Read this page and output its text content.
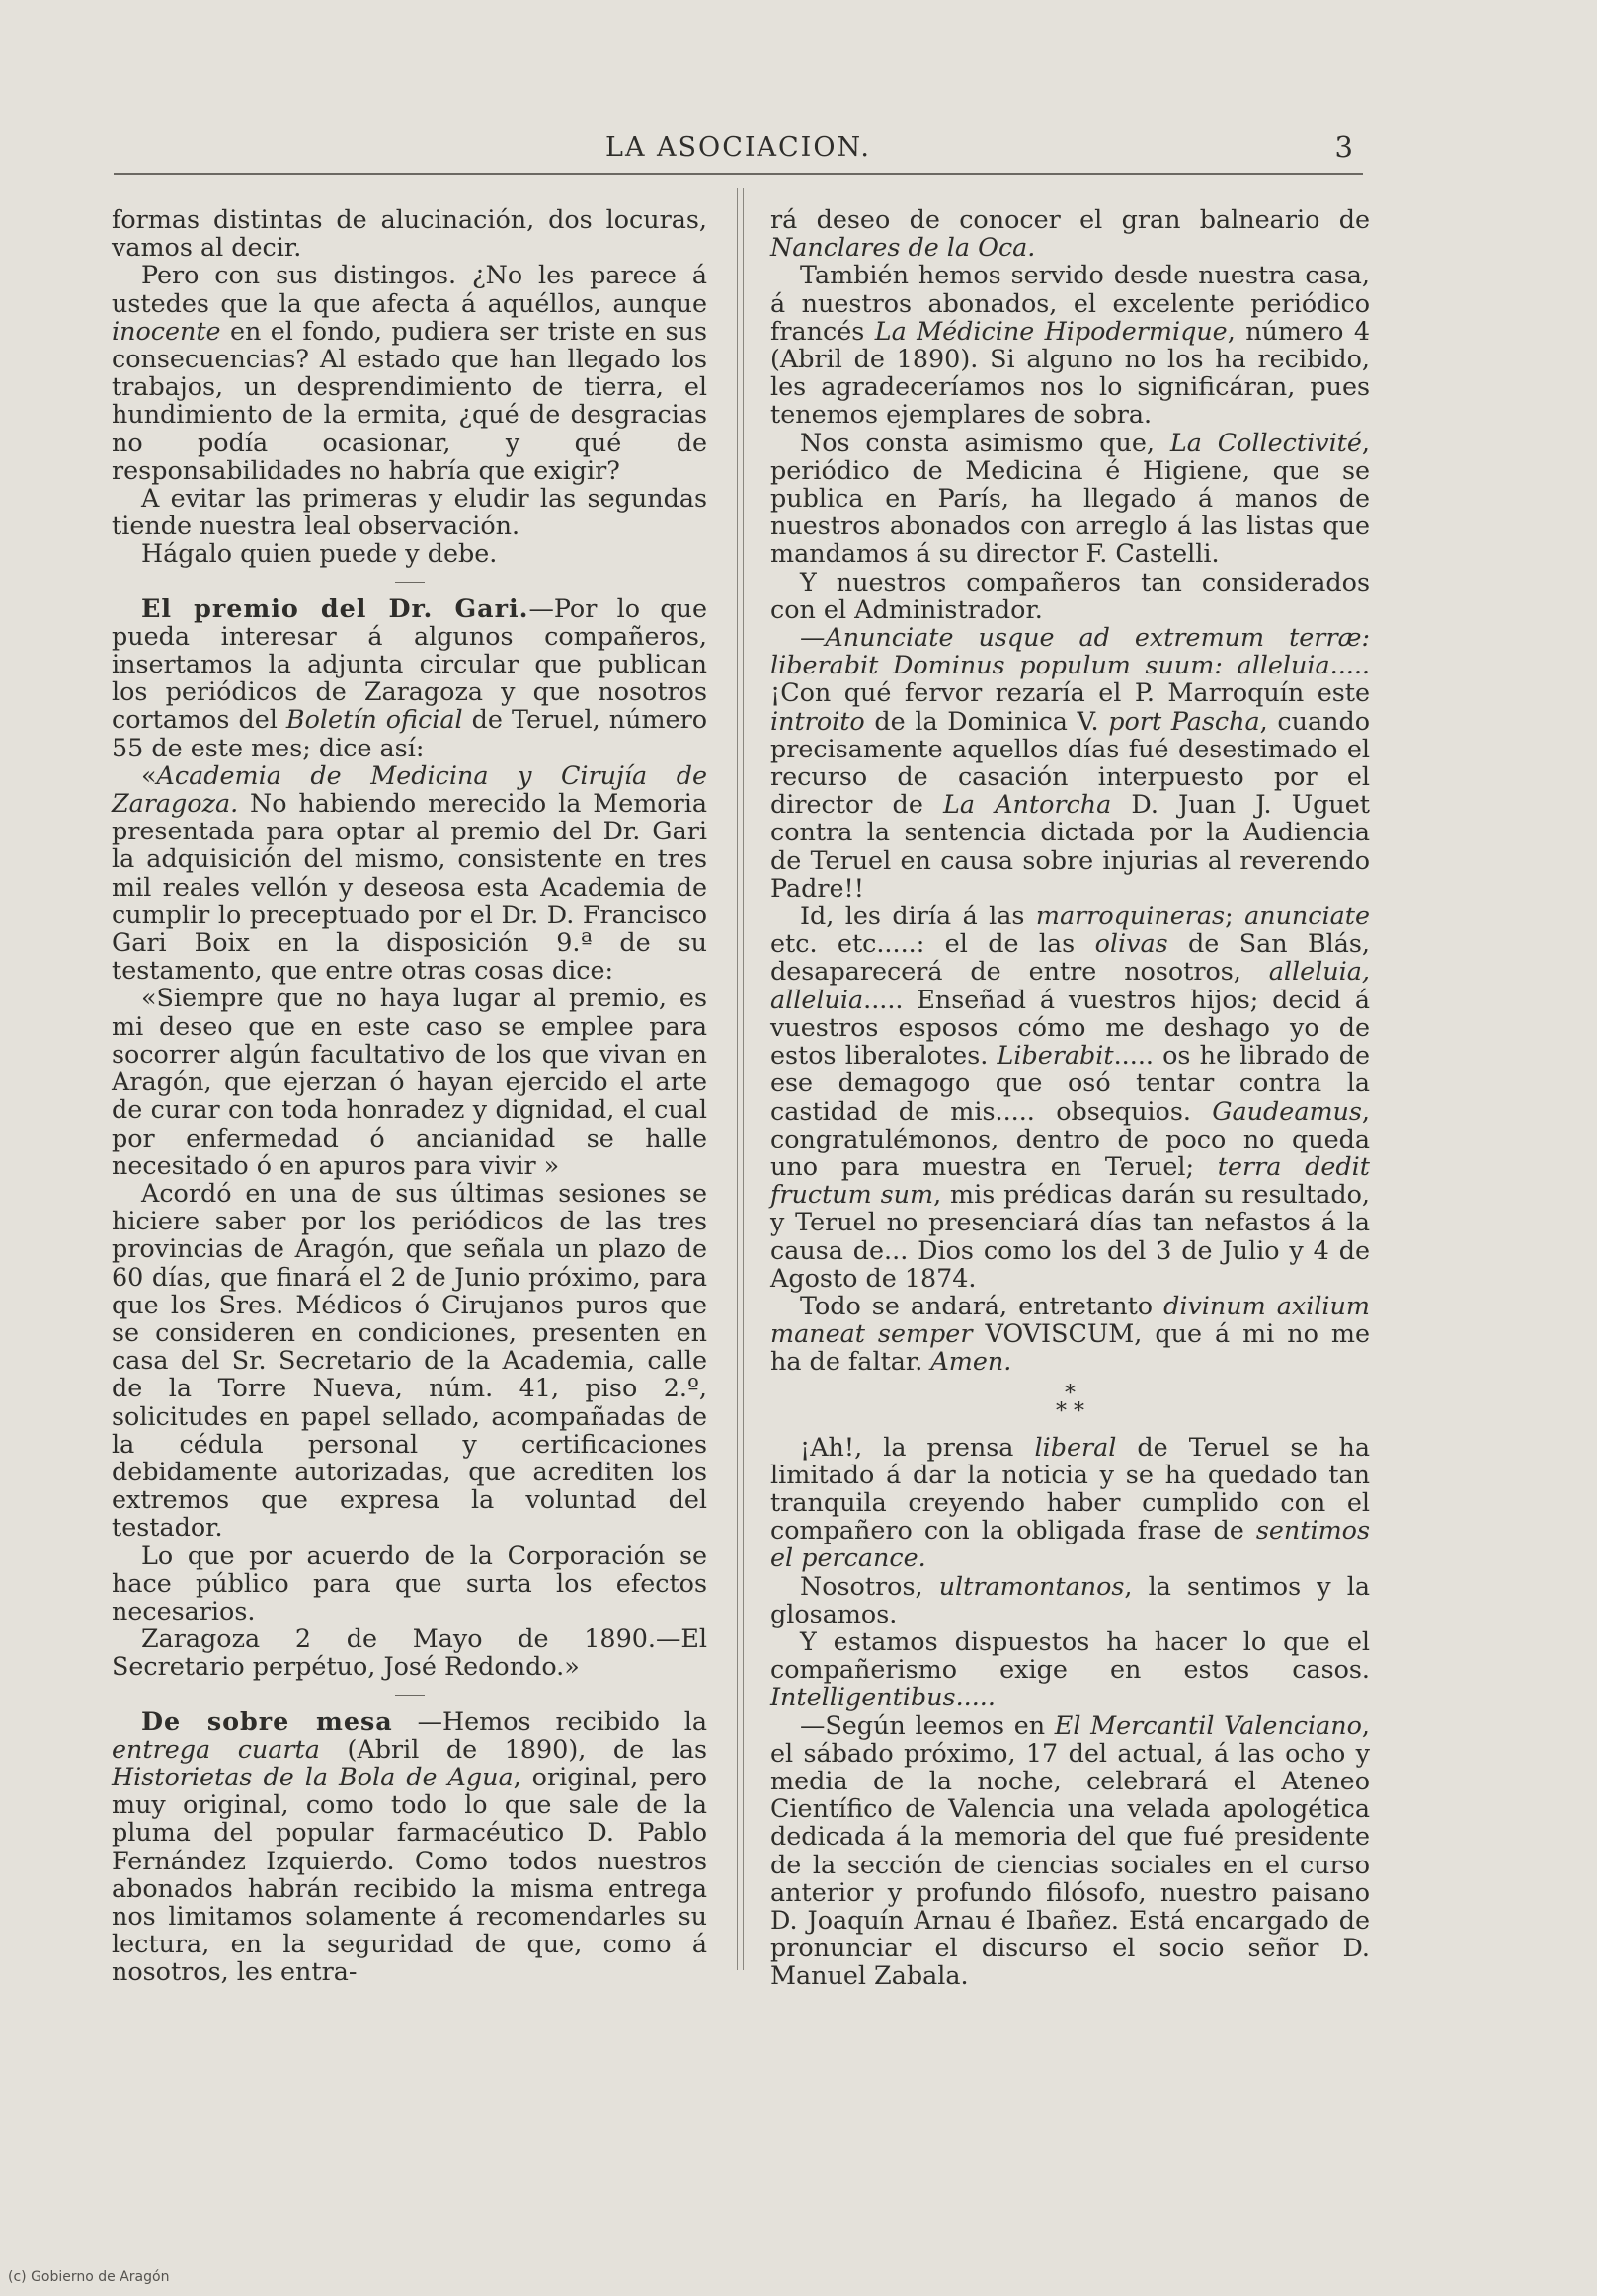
LA ASOCIACION.	3

formas distintas de alucinación, dos locuras, vamos al decir.

Pero con sus distingos. ¿No les parece á ustedes que la que afecta á aquéllos, aunque inocente en el fondo, pudiera ser triste en sus consecuencias? Al estado que han llegado los trabajos, un desprendimiento de tierra, el hundimiento de la ermita, ¿qué de desgracias no podía ocasionar, y qué de responsabilidades no habría que exigir?

A evitar las primeras y eludir las segundas tiende nuestra leal observación.

Hágalo quien puede y debe.

El premio del Dr. Gari.—Por lo que pueda interesar á algunos compañeros, insertamos la adjunta circular que publican los periódicos de Zaragoza y que nosotros cortamos del Boletín oficial de Teruel, número 55 de este mes; dice así:

«Academia de Medicina y Cirujía de Zaragoza. No habiendo merecido la Memoria presentada para optar al premio del Dr. Gari la adquisición del mismo, consistente en tres mil reales vellón y deseosa esta Academia de cumplir lo preceptuado por el Dr. D. Francisco Gari Boix en la disposición 9.ª de su testamento, que entre otras cosas dice:

«Siempre que no haya lugar al premio, es mi deseo que en este caso se emplee para socorrer algún facultativo de los que vivan en Aragón, que ejerzan ó hayan ejercido el arte de curar con toda honradez y dignidad, el cual por enfermedad ó ancianidad se halle necesitado ó en apuros para vivir »

Acordó en una de sus últimas sesiones se hiciere saber por los periódicos de las tres provincias de Aragón, que señala un plazo de 60 días, que finará el 2 de Junio próximo, para que los Sres. Médicos ó Cirujanos puros que se consideren en condiciones, presenten en casa del Sr. Secretario de la Academia, calle de la Torre Nueva, núm. 41, piso 2.º, solicitudes en papel sellado, acompañadas de la cédula personal y certificaciones debidamente autorizadas, que acrediten los extremos que expresa la voluntad del testador.

Lo que por acuerdo de la Corporación se hace público para que surta los efectos necesarios.

Zaragoza 2 de Mayo de 1890.—El Secretario perpétuo, José Redondo.»

De sobre mesa —Hemos recibido la entrega cuarta (Abril de 1890), de las Historietas de la Bola de Agua, original, pero muy original, como todo lo que sale de la pluma del popular farmacéutico D. Pablo Fernández Izquierdo. Como todos nuestros abonados habrán recibido la misma entrega nos limitamos solamente á recomendarles su lectura, en la seguridad de que, como á nosotros, les entra-

rá deseo de conocer el gran balneario de Nanclares de la Oca.

También hemos servido desde nuestra casa, á nuestros abonados, el excelente periódico francés La Médicine Hipodermique, número 4 (Abril de 1890). Si alguno no los ha recibido, les agradeceríamos nos lo significáran, pues tenemos ejemplares de sobra.

Nos consta asimismo que, La Collectivité, periódico de Medicina é Higiene, que se publica en París, ha llegado á manos de nuestros abonados con arreglo á las listas que mandamos á su director F. Castelli.

Y nuestros compañeros tan considerados con el Administrador.

—Anunciate usque ad extremum terræ: liberabit Dominus populum suum: alleluia..... ¡Con qué fervor rezaría el P. Marroquín este introito de la Dominica V. port Pascha, cuando precisamente aquellos días fué desestimado el recurso de casación interpuesto por el director de La Antorcha D. Juan J. Uguet contra la sentencia dictada por la Audiencia de Teruel en causa sobre injurias al reverendo Padre!!

Id, les diría á las marroquineras; anunciate etc. etc.....: el de las olivas de San Blás, desaparecerá de entre nosotros, alleluia, alleluia..... Enseñad á vuestros hijos; decid á vuestros esposos cómo me deshago yo de estos liberalotes. Liberabit..... os he librado de ese demagogo que osó tentar contra la castidad de mis..... obsequios. Gaudeamus, congratulémonos, dentro de poco no queda uno para muestra en Teruel; terra dedit fructum sum, mis prédicas darán su resultado, y Teruel no presenciará días tan nefastos á la causa de... Dios como los del 3 de Julio y 4 de Agosto de 1874.

Todo se andará, entretanto divinum axilium maneat semper VOVISCUM, que á mi no me ha de faltar. Amen.

*
* *

¡Ah!, la prensa liberal de Teruel se ha limitado á dar la noticia y se ha quedado tan tranquila creyendo haber cumplido con el compañero con la obligada frase de sentimos el percance.

Nosotros, ultramontanos, la sentimos y la glosamos.

Y estamos dispuestos ha hacer lo que el compañerismo exige en estos casos. Intelligentibus.....

—Según leemos en El Mercantil Valenciano, el sábado próximo, 17 del actual, á las ocho y media de la noche, celebrará el Ateneo Científico de Valencia una velada apologética dedicada á la memoria del que fué presidente de la sección de ciencias sociales en el curso anterior y profundo filósofo, nuestro paisano D. Joaquín Arnau é Ibañez. Está encargado de pronunciar el discurso el socio señor D. Manuel Zabala.

(c) Gobierno de Aragón
